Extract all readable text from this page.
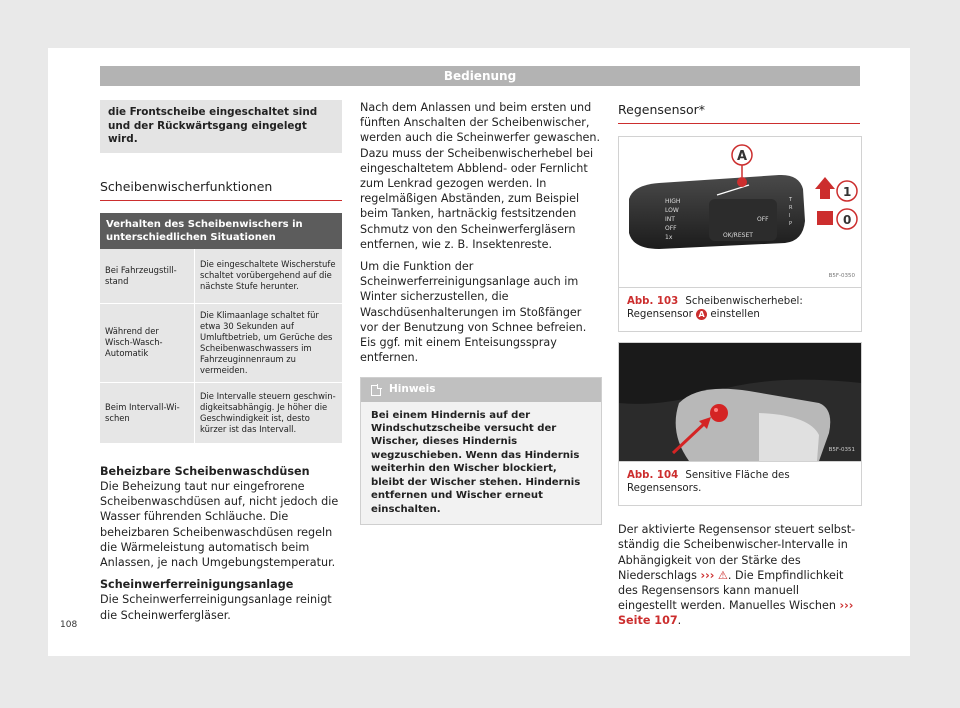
Bedienung
die Frontscheibe eingeschaltet sind und der Rückwärtsgang eingelegt wird.
Scheibenwischerfunktionen
Verhalten des Scheibenwischers in unterschiedlichen Situationen	
Bei Fahrzeugstillstand	Die eingeschaltete Wischerstufe schaltet vorübergehend auf die nächste Stufe herunter.
Während der Wisch-Wasch-Automatik	Die Klimaanlage schaltet für etwa 30 Sekunden auf Umluftbetrieb, um Gerüche des Scheibenwaschwassers im Fahrzeuginnenraum zu vermeiden.
Beim Intervall-Wischen	Die Intervalle steuern geschwindigkeitsabhängig. Je höher die Geschwindigkeit ist, desto kürzer ist das Intervall.
Beheizbare Scheibenwaschdüsen

Die Beheizung taut nur eingefrorene Scheibenwaschdüsen auf, nicht jedoch die Wasser führenden Schläuche. Die beheizbaren Scheibenwaschdüsen regeln die Wärmeleistung automatisch beim Anlassen, je nach Umgebungstemperatur.

Scheinwerferreinigungsanlage

Die Scheinwerferreinigungsanlage reinigt die Scheinwerfergläser.

Nach dem Anlassen und beim ersten und fünften Anschalten der Scheibenwischer, werden auch die Scheinwerfer gewaschen. Dazu muss der Scheibenwischerhebel bei eingeschaltetem Abblend- oder Fernlicht zum Lenkrad gezogen werden. In regelmäßigen Abständen, zum Beispiel beim Tanken, hartnäckig festsitzenden Schmutz von den Scheinwerfergläsern entfernen, wie z. B. Insektenreste.

Um die Funktion der Scheinwerferreinigungsanlage auch im Winter sicherzustellen, die Waschdüsenhalterungen im Stoßfänger vor der Benutzung von Schnee befreien. Eis ggf. mit einem Enteisungsspray entfernen.

Hinweis
Bei einem Hindernis auf der Windschutzscheibe versucht der Wischer, dieses Hindernis wegzuschieben. Wenn das Hindernis weiterhin den Wischer blockiert, bleibt der Wischer stehen. Hindernis entfernen und Wischer erneut einschalten.
Regensensor*
HIGH
LOW
INT
OFF
1x	OK/RESET
OFF
T
R
I
P
A
1
0
B5F-0350
Abb. 103 Scheibenwischerhebel: Regensensor A einstellen
B5F-0351
Abb. 104 Sensitive Fläche des Regensensors.

Der aktivierte Regensensor steuert selbstständig die Scheibenwischer-Intervalle in Abhängigkeit von der Stärke des Niederschlags ››› ⚠. Die Empfindlichkeit des Regensensors kann manuell eingestellt werden. Manuelles Wischen ››› Seite 107.

108
